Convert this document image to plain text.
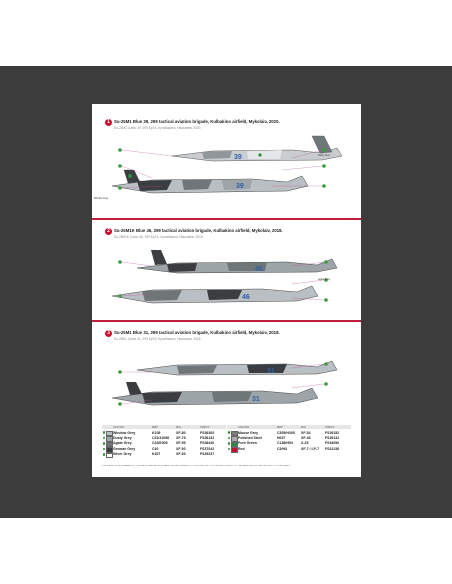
1 Su-25M1 Blue 39, 299 tactical aviation brigade, Kulbakino airfield, Mykolaiv, 2020.
Su-25M1 Camo 39, 299 БрТА, Кульбакино, Николаев, 2020.
39
39
Window Grey
Dusty Grey
2 Su-25M1K Blue 46, 299 tactical aviation brigade, Kulbakino airfield, Mykolaiv, 2018.
Su-25M1K Camo 46, 299 БрТА, Кульбакино, Николаев, 2018.
46
46
Agate Grey
3 Su-25M1 Blue 31, 299 tactical aviation brigade, Kulbakino airfield, Mykolaiv, 2018.
Su-25M1 Camo 31, 299 БрТА, Кульбакино, Николаев, 2018.
31
31
COLOUR	MRP	MIG	TAMIYA	COLOUR	MRP	MIG	TAMIYA
Window Grey	K108	XF-80	FS36300
Dusty Grey	C31/31068 XF-75	FS36132
Agate Grey	C32/E305 XF-55	FS36440
German Grey	C40	XF-90	FS37042
Silver Grey	K307	XF-53	FS35237
Mouse Grey	C305/H305 XF-54	FS26152
Polished Steel	H037	XF-46	FS26132
Pure Green	C138/H94 X-25	FS34090
Red	C3/H3	XF-7 / LP-7 FS31136
THE CATALOGUE NUMBERS OF THE PAINTS ARE APPROXIMATE. WE RECOMMEND TO CHOOSE THE COLOURS ACCORDING TO THE SAMPLES ON THE PRINTED COLOUR CHART.
